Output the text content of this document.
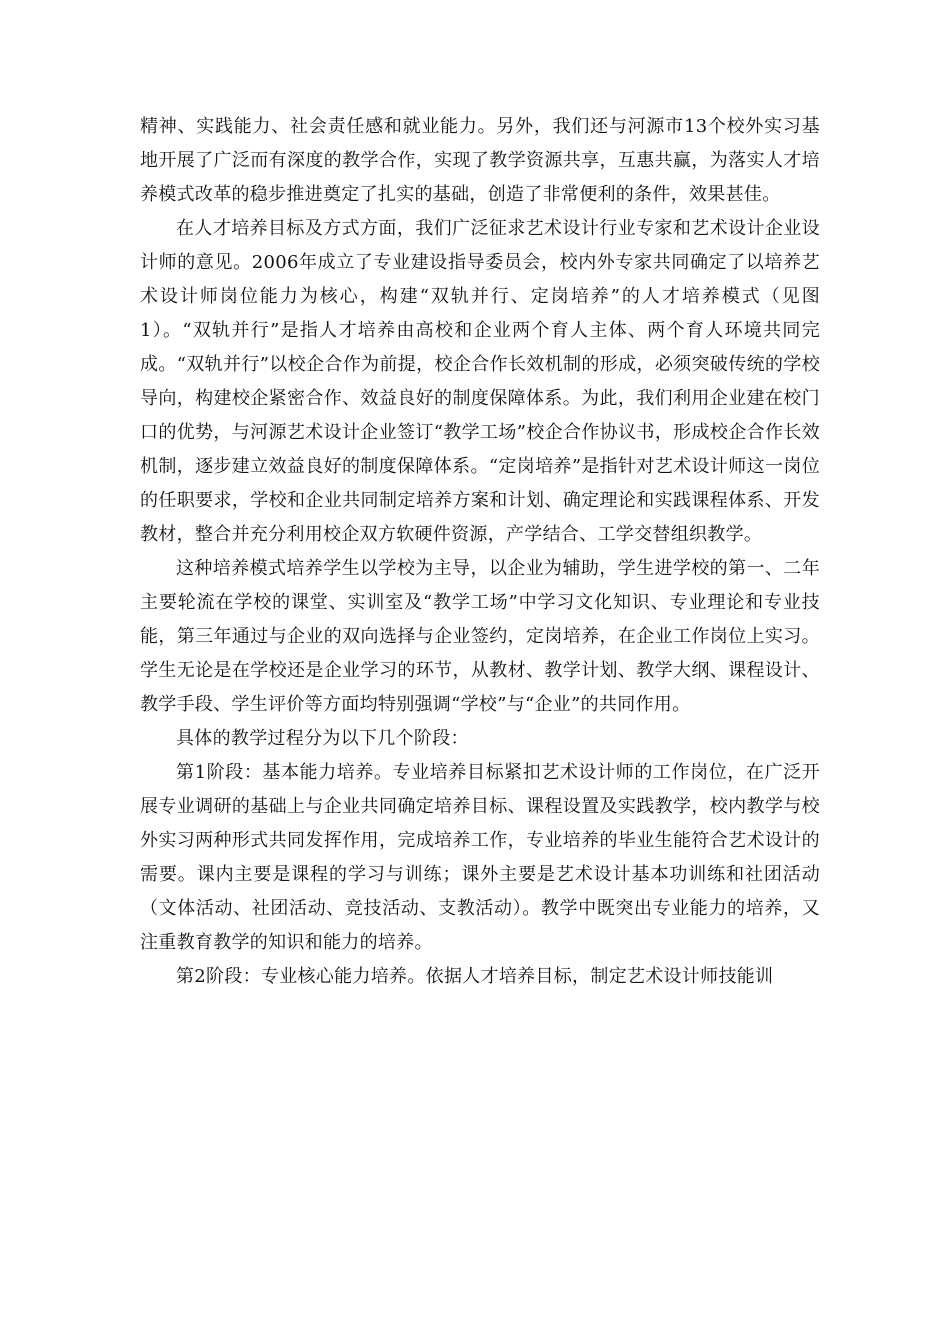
精神、实践能力、社会责任感和就业能力。另外，我们还与河源市13个校外实习基地开展了广泛而有深度的教学合作，实现了教学资源共享，互惠共赢，为落实人才培养模式改革的稳步推进奠定了扎实的基础，创造了非常便利的条件，效果甚佳。

在人才培养目标及方式方面，我们广泛征求艺术设计行业专家和艺术设计企业设计师的意见。2006年成立了专业建设指导委员会，校内外专家共同确定了以培养艺术设计师岗位能力为核心，构建“双轨并行、定岗培养”的人才培养模式（见图1）。“双轨并行”是指人才培养由高校和企业两个育人主体、两个育人环境共同完成。“双轨并行”以校企合作为前提，校企合作长效机制的形成，必须突破传统的学校导向，构建校企紧密合作、效益良好的制度保障体系。为此，我们利用企业建在校门口的优势，与河源艺术设计企业签订“教学工场”校企合作协议书，形成校企合作长效机制，逐步建立效益良好的制度保障体系。“定岗培养”是指针对艺术设计师这一岗位的任职要求，学校和企业共同制定培养方案和计划、确定理论和实践课程体系、开发教材，整合并充分利用校企双方软硬件资源，产学结合、工学交替组织教学。

这种培养模式培养学生以学校为主导，以企业为辅助，学生进学校的第一、二年主要轮流在学校的课堂、实训室及“教学工场”中学习文化知识、专业理论和专业技能，第三年通过与企业的双向选择与企业签约，定岗培养，在企业工作岗位上实习。学生无论是在学校还是企业学习的环节，从教材、教学计划、教学大纲、课程设计、教学手段、学生评价等方面均特别强调“学校”与“企业”的共同作用。

具体的教学过程分为以下几个阶段：

第1阶段：基本能力培养。专业培养目标紧扣艺术设计师的工作岗位，在广泛开展专业调研的基础上与企业共同确定培养目标、课程设置及实践教学，校内教学与校外实习两种形式共同发挥作用，完成培养工作，专业培养的毕业生能符合艺术设计的需要。课内主要是课程的学习与训练；课外主要是艺术设计基本功训练和社团活动（文体活动、社团活动、竞技活动、支教活动）。教学中既突出专业能力的培养，又注重教育教学的知识和能力的培养。

第2阶段：专业核心能力培养。依据人才培养目标，制定艺术设计师技能训
